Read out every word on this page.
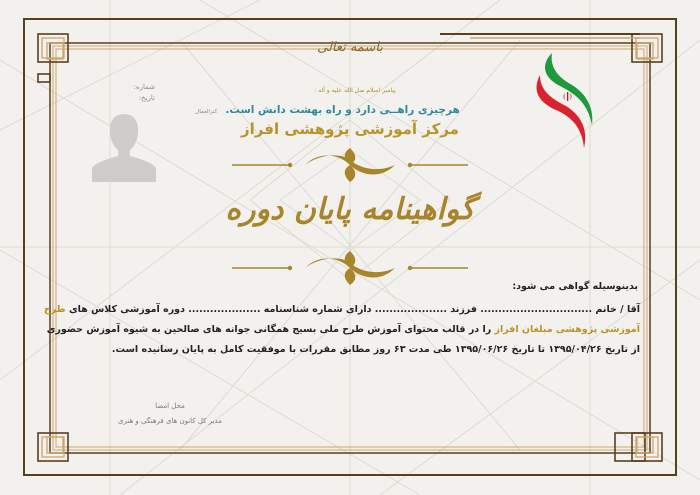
باسمه تعالی
پیامبر اسلام صل الله علیه و آله :
هرچیزی راهــی دارد و راه بهشت دانش است. کنزالعمال
مرکز آموزشی پژوهشی افراز
گواهینامه پایان دوره
شماره:
تاریخ:
بدینوسیله گواهی می شود:
آقا / خانم ............................... فرزند .................... دارای شماره شناسنامه .................... دوره آموزشی کلاس های طرح
آموزشی پژوهشی مبلغان افراز را در قالب محتوای آموزش طرح ملی بسیج همگانی جوانه های صالحین به شیوه آموزش حضوری
از تاریخ ۱۳۹۵/۰۴/۲۶ تا تاریخ ۱۳۹۵/۰۶/۲۶ طی مدت ۶۳ روز مطابق مقررات با موفقیت کامل به پایان رسانیده است.
محل امضا
مدیر کل کانون های فرهنگی و هنری
